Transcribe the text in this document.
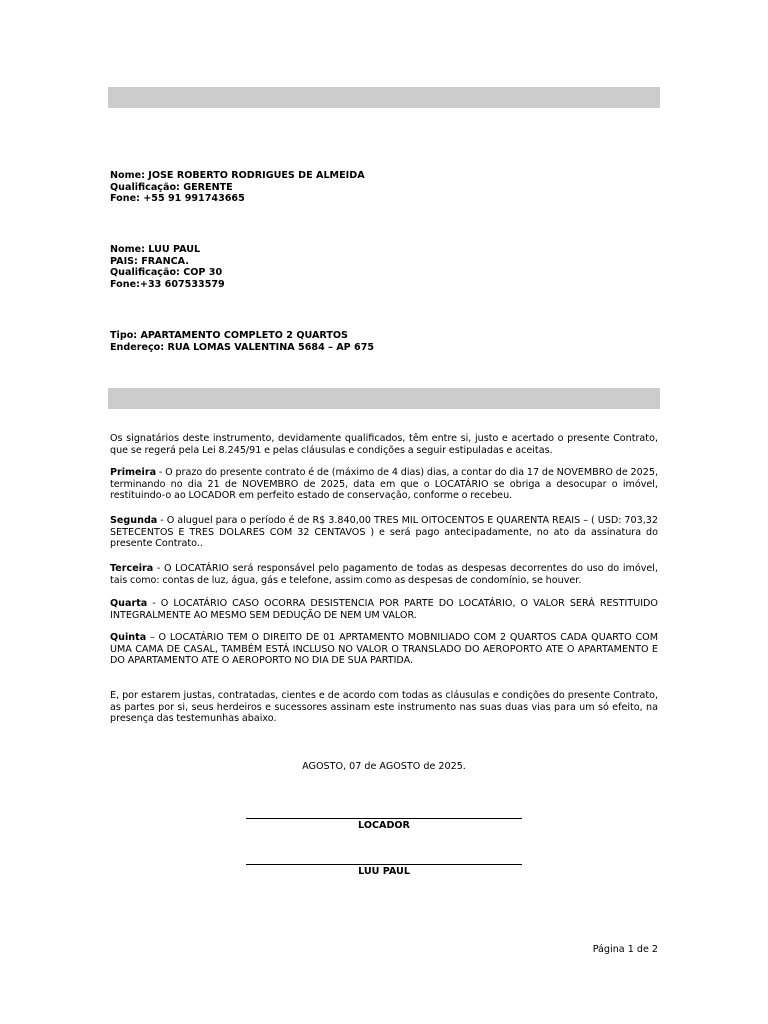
Nome: JOSE ROBERTO RODRIGUES DE ALMEIDA
Qualificação: GERENTE
Fone: +55 91 991743665
Nome: LUU PAUL
PAIS: FRANCA.
Qualificação: COP 30
Fone:+33 607533579
Tipo: APARTAMENTO COMPLETO 2 QUARTOS
Endereço: RUA LOMAS VALENTINA 5684 – AP 675
Os signatários deste instrumento, devidamente qualificados, têm entre si, justo e acertado o presente Contrato, que se regerá pela Lei 8.245/91 e pelas cláusulas e condições a seguir estipuladas e aceitas.
Primeira - O prazo do presente contrato é de (máximo de 4 dias) dias, a contar do dia 17 de NOVEMBRO de 2025, terminando no dia 21 de NOVEMBRO de 2025, data em que o LOCATÁRIO se obriga a desocupar o imóvel, restituindo-o ao LOCADOR em perfeito estado de conservação, conforme o recebeu.
Segunda - O aluguel para o período é de R$ 3.840,00 TRES MIL OITOCENTOS E QUARENTA REAIS – ( USD: 703,32 SETECENTOS E TRES DOLARES COM 32 CENTAVOS ) e será pago antecipadamente, no ato da assinatura do presente Contrato..
Terceira - O LOCATÁRIO será responsável pelo pagamento de todas as despesas decorrentes do uso do imóvel, tais como: contas de luz, água, gás e telefone, assim como as despesas de condomínio, se houver.
Quarta - O LOCATÁRIO CASO OCORRA DESISTENCIA POR PARTE DO LOCATÁRIO, O VALOR SERÁ RESTITUIDO INTEGRALMENTE AO MESMO SEM DEDUÇÃO DE NEM UM VALOR.
Quinta – O LOCATÁRIO TEM O DIREITO DE 01 APRTAMENTO MOBNILIADO COM 2 QUARTOS CADA QUARTO COM UMA CAMA DE CASAL, TAMBÉM ESTÁ INCLUSO NO VALOR O TRANSLADO DO AEROPORTO ATE O APARTAMENTO E DO APARTAMENTO ATE O AEROPORTO NO DIA DE SUA PARTIDA.
E, por estarem justas, contratadas, cientes e de acordo com todas as cláusulas e condições do presente Contrato, as partes por si, seus herdeiros e sucessores assinam este instrumento nas suas duas vias para um só efeito, na presença das testemunhas abaixo.
AGOSTO, 07 de AGOSTO de 2025.
LOCADOR
LUU PAUL
Página 1 de 2
